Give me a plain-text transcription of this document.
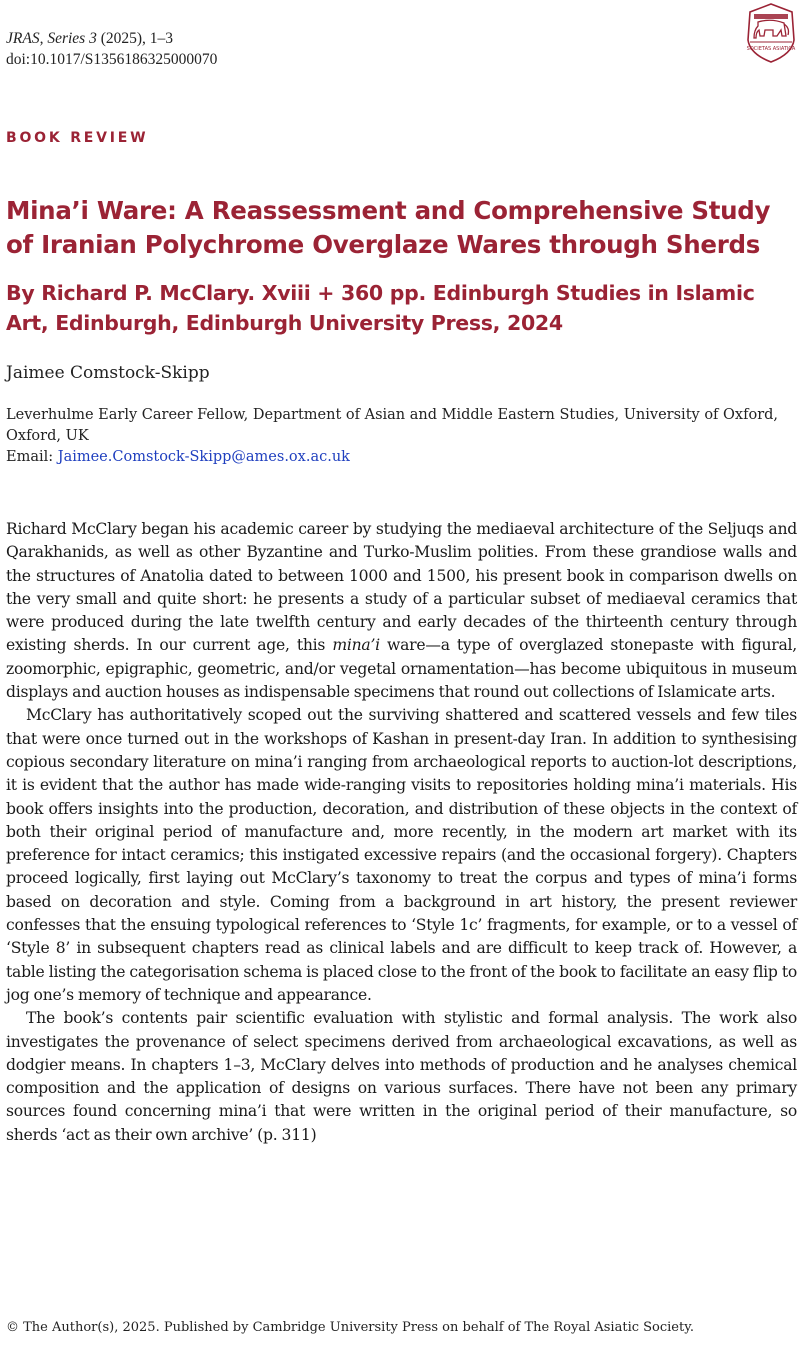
JRAS, Series 3 (2025), 1–3
doi:10.1017/S1356186325000070
SOCIETAS ASIATICA
BOOK REVIEW
Mina’i Ware: A Reassessment and Comprehensive Study of Iranian Polychrome Overglaze Wares through Sherds
By Richard P. McClary. Xviii + 360 pp. Edinburgh Studies in Islamic Art, Edinburgh, Edinburgh University Press, 2024
Jaimee Comstock-Skipp
Leverhulme Early Career Fellow, Department of Asian and Middle Eastern Studies, University of Oxford, Oxford, UK
Email: Jaimee.Comstock-Skipp@ames.ox.ac.uk

Richard McClary began his academic career by studying the mediaeval architecture of the Seljuqs and Qarakhanids, as well as other Byzantine and Turko-Muslim polities. From these grandiose walls and the structures of Anatolia dated to between 1000 and 1500, his present book in comparison dwells on the very small and quite short: he presents a study of a particular subset of mediaeval ceramics that were produced during the late twelfth century and early decades of the thirteenth century through existing sherds. In our current age, this mina’i ware—a type of overglazed stonepaste with figural, zoomorphic, epigraphic, geometric, and/or vegetal ornamentation—has become ubiquitous in museum displays and auction houses as indispensable specimens that round out collections of Islamicate arts.

McClary has authoritatively scoped out the surviving shattered and scattered vessels and few tiles that were once turned out in the workshops of Kashan in present-day Iran. In addition to synthesising copious secondary literature on mina’i ranging from archaeological reports to auction-lot descriptions, it is evident that the author has made wide-ranging visits to repositories holding mina’i materials. His book offers insights into the production, decoration, and distribution of these objects in the context of both their original period of manufacture and, more recently, in the modern art market with its preference for intact ceramics; this instigated excessive repairs (and the occasional forgery). Chapters proceed logically, first laying out McClary’s taxonomy to treat the corpus and types of mina’i forms based on decoration and style. Coming from a background in art history, the present reviewer confesses that the ensuing typological references to ‘Style 1c’ fragments, for example, or to a vessel of ‘Style 8’ in subsequent chapters read as clinical labels and are difficult to keep track of. However, a table listing the categorisation schema is placed close to the front of the book to facilitate an easy flip to jog one’s memory of technique and appearance.

The book’s contents pair scientific evaluation with stylistic and formal analysis. The work also investigates the provenance of select specimens derived from archaeological excavations, as well as dodgier means. In chapters 1–3, McClary delves into methods of production and he analyses chemical composition and the application of designs on various surfaces. There have not been any primary sources found concerning mina’i that were written in the original period of their manufacture, so sherds ‘act as their own archive’ (p. 311)

© The Author(s), 2025. Published by Cambridge University Press on behalf of The Royal Asiatic Society.
